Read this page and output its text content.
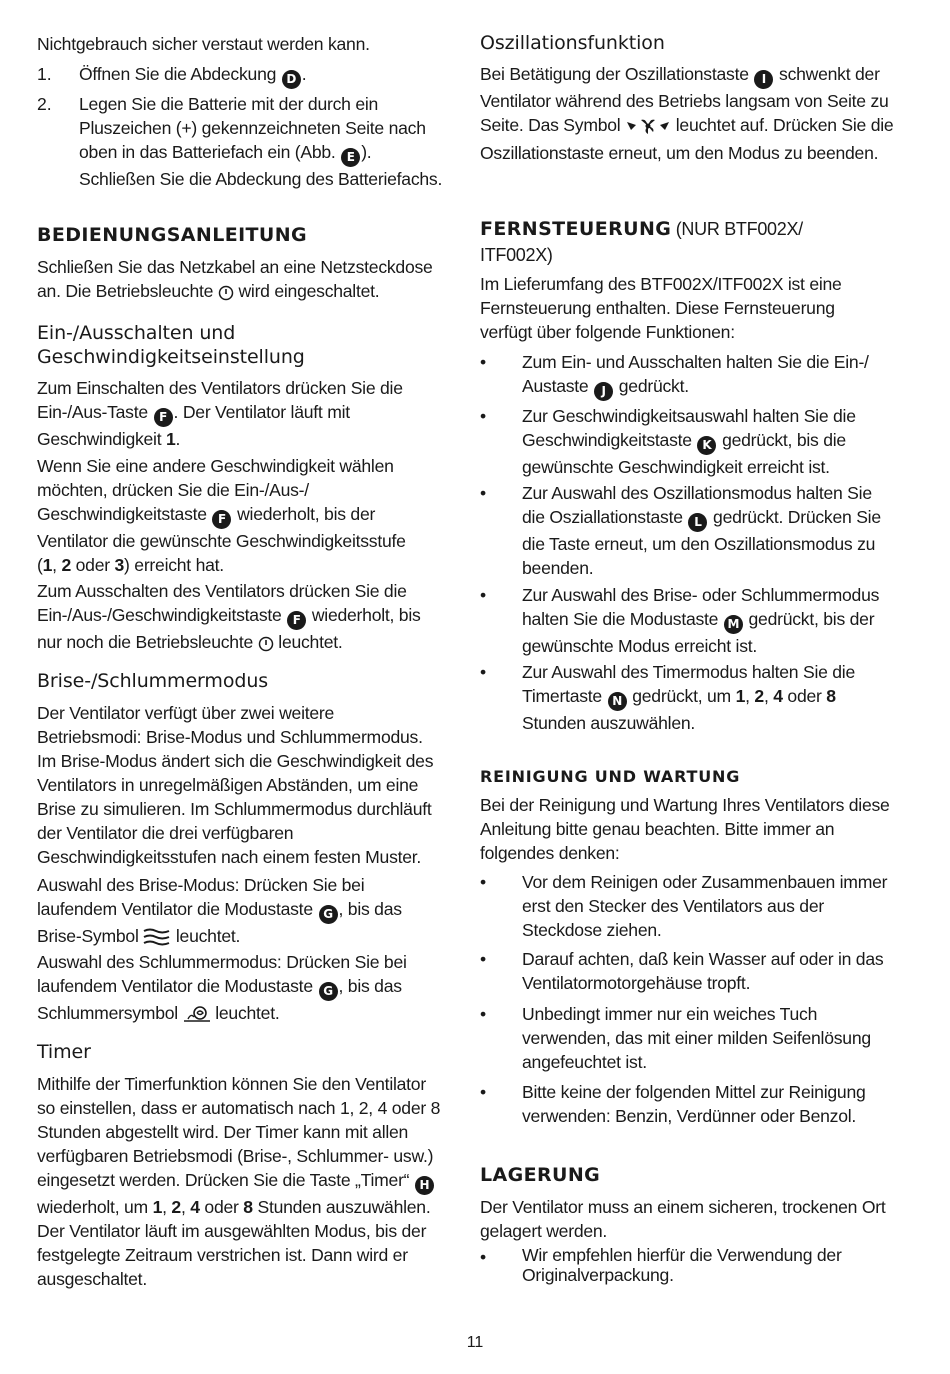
Nichtgebrauch sicher verstaut werden kann.

1. Öffnen Sie die Abdeckung D .
2. Legen Sie die Batterie mit der durch ein Pluszeichen (+) gekennzeichneten Seite nach oben in das Batteriefach ein (Abb. E ). Schließen Sie die Abdeckung des Batteriefachs.
BEDIENUNGSANLEITUNG

Schließen Sie das Netzkabel an eine Netzsteckdose an. Die Betriebsleuchte wird eingeschaltet.

Ein-/Ausschalten und Geschwindigkeitseinstellung

Zum Einschalten des Ventilators drücken Sie die Ein-/Aus-Taste F . Der Ventilator läuft mit Geschwindigkeit 1.

Wenn Sie eine andere Geschwindigkeit wählen möchten, drücken Sie die Ein-/Aus-/ Geschwindigkeitstaste F wiederholt, bis der Ventilator die gewünschte Geschwindigkeitsstufe (1, 2 oder 3) erreicht hat.

Zum Ausschalten des Ventilators drücken Sie die Ein-/Aus-/Geschwindigkeitstaste F wiederholt, bis nur noch die Betriebsleuchte leuchtet.

Brise-/Schlummermodus

Der Ventilator verfügt über zwei weitere Betriebsmodi: Brise-Modus und Schlummermodus. Im Brise-Modus ändert sich die Geschwindigkeit des Ventilators in unregelmäßigen Abständen, um eine Brise zu simulieren. Im Schlummermodus durchläuft der Ventilator die drei verfügbaren Geschwindigkeitsstufen nach einem festen Muster.

Auswahl des Brise-Modus: Drücken Sie bei laufendem Ventilator die Modustaste G , bis das Brise-Symbol leuchtet.

Auswahl des Schlummermodus: Drücken Sie bei laufendem Ventilator die Modustaste G , bis das Schlummersymbol leuchtet.

Timer

Mithilfe der Timerfunktion können Sie den Ventilator so einstellen, dass er automatisch nach 1, 2, 4 oder 8 Stunden abgestellt wird. Der Timer kann mit allen verfügbaren Betriebsmodi (Brise-, Schlummer- usw.) eingesetzt werden. Drücken Sie die Taste „Timer“ H wiederholt, um 1, 2, 4 oder 8 Stunden auszuwählen. Der Ventilator läuft im ausgewählten Modus, bis der festgelegte Zeitraum verstrichen ist. Dann wird er ausgeschaltet.

Oszillationsfunktion

Bei Betätigung der Oszillationstaste I schwenkt der Ventilator während des Betriebs langsam von Seite zu Seite. Das Symbol	leuchtet auf. Drücken Sie die Oszillationstaste erneut, um den Modus zu beenden.

FERNSTEUERUNG (NUR BTF002X/ ITF002X)

Im Lieferumfang des BTF002X/ITF002X ist eine Fernsteuerung enthalten. Diese Fernsteuerung verfügt über folgende Funktionen:

• Zum Ein- und Ausschalten halten Sie die Ein-/ Austaste J gedrückt.
• Zur Geschwindigkeitsauswahl halten Sie die Geschwindigkeitstaste K gedrückt, bis die gewünschte Geschwindigkeit erreicht ist.
• Zur Auswahl des Oszillationsmodus halten Sie die Osziallationstaste L gedrückt. Drücken Sie die Taste erneut, um den Oszillationsmodus zu beenden.
• Zur Auswahl des Brise- oder Schlummermodus halten Sie die Modustaste M gedrückt, bis der gewünschte Modus erreicht ist.
• Zur Auswahl des Timermodus halten Sie die Timertaste N gedrückt, um 1, 2, 4 oder 8 Stunden auszuwählen.
REINIGUNG UND WARTUNG

Bei der Reinigung und Wartung Ihres Ventilators diese Anleitung bitte genau beachten. Bitte immer an folgendes denken:

• Vor dem Reinigen oder Zusammenbauen immer erst den Stecker des Ventilators aus der Steckdose ziehen.
• Darauf achten, daß kein Wasser auf oder in das Ventilatormotorgehäuse tropft.
• Unbedingt immer nur ein weiches Tuch verwenden, das mit einer milden Seifenlösung angefeuchtet ist.
• Bitte keine der folgenden Mittel zur Reinigung verwenden: Benzin, Verdünner oder Benzol.
LAGERUNG

Der Ventilator muss an einem sicheren, trockenen Ort gelagert werden.

• Wir empfehlen hierfür die Verwendung der Originalverpackung.
11
